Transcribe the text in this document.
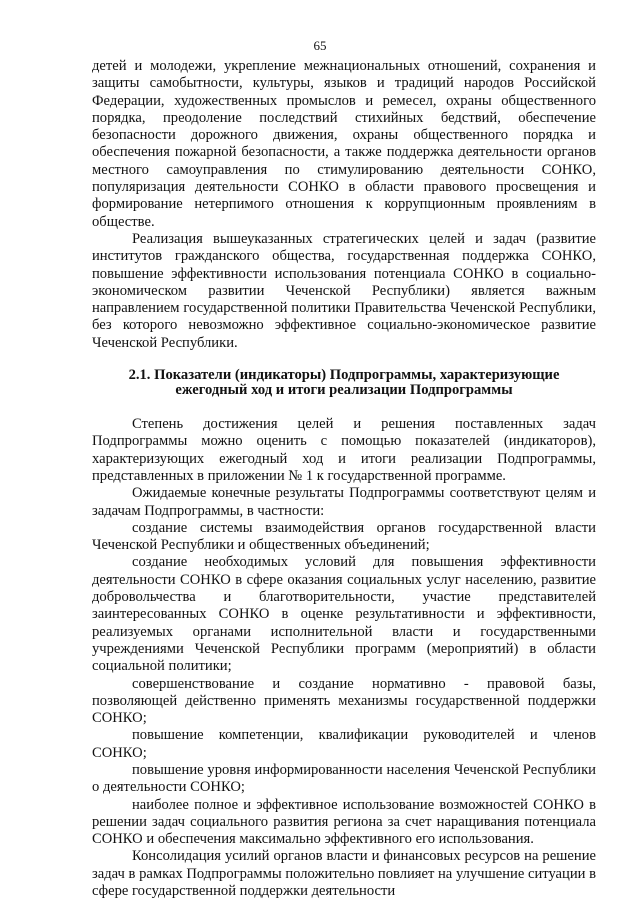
65

детей и молодежи, укрепление межнациональных отношений, сохранения и защиты самобытности, культуры, языков и традиций народов Российской Федерации, художественных промыслов и ремесел, охраны общественного порядка, преодоление последствий стихийных бедствий, обеспечение безопасности дорожного движения, охраны общественного порядка и обеспечения пожарной безопасности, а также поддержка деятельности органов местного самоуправления по стимулированию деятельности СОНКО, популяризация деятельности СОНКО в области правового просвещения и формирование нетерпимого отношения к коррупционным проявлениям в обществе.

Реализация вышеуказанных стратегических целей и задач (развитие институтов гражданского общества, государственная поддержка СОНКО, повышение эффективности использования потенциала СОНКО в социально-экономическом развитии Чеченской Республики) является важным направлением государственной политики Правительства Чеченской Республики, без которого невозможно эффективное социально-экономическое развитие Чеченской Республики.

2.1. Показатели (индикаторы) Подпрограммы, характеризующие
ежегодный ход и итоги реализации Подпрограммы

Степень достижения целей и решения поставленных задач Подпрограммы можно оценить с помощью показателей (индикаторов), характеризующих ежегодный ход и итоги реализации Подпрограммы, представленных в приложении № 1 к государственной программе.

Ожидаемые конечные результаты Подпрограммы соответствуют целям и задачам Подпрограммы, в частности:

создание системы взаимодействия органов государственной власти Чеченской Республики и общественных объединений;

создание необходимых условий для повышения эффективности деятельности СОНКО в сфере оказания социальных услуг населению, развитие добровольчества и благотворительности, участие представителей заинтересованных СОНКО в оценке результативности и эффективности, реализуемых органами исполнительной власти и государственными учреждениями Чеченской Республики программ (мероприятий) в области социальной политики;

совершенствование и создание нормативно - правовой базы, позволяющей действенно применять механизмы государственной поддержки СОНКО;

повышение компетенции, квалификации руководителей и членов СОНКО;

повышение уровня информированности населения Чеченской Республики о деятельности СОНКО;

наиболее полное и эффективное использование возможностей СОНКО в решении задач социального развития региона за счет наращивания потенциала СОНКО и обеспечения максимально эффективного его использования.

Консолидация усилий органов власти и финансовых ресурсов на решение задач в рамках Подпрограммы положительно повлияет на улучшение ситуации в сфере государственной поддержки деятельности
